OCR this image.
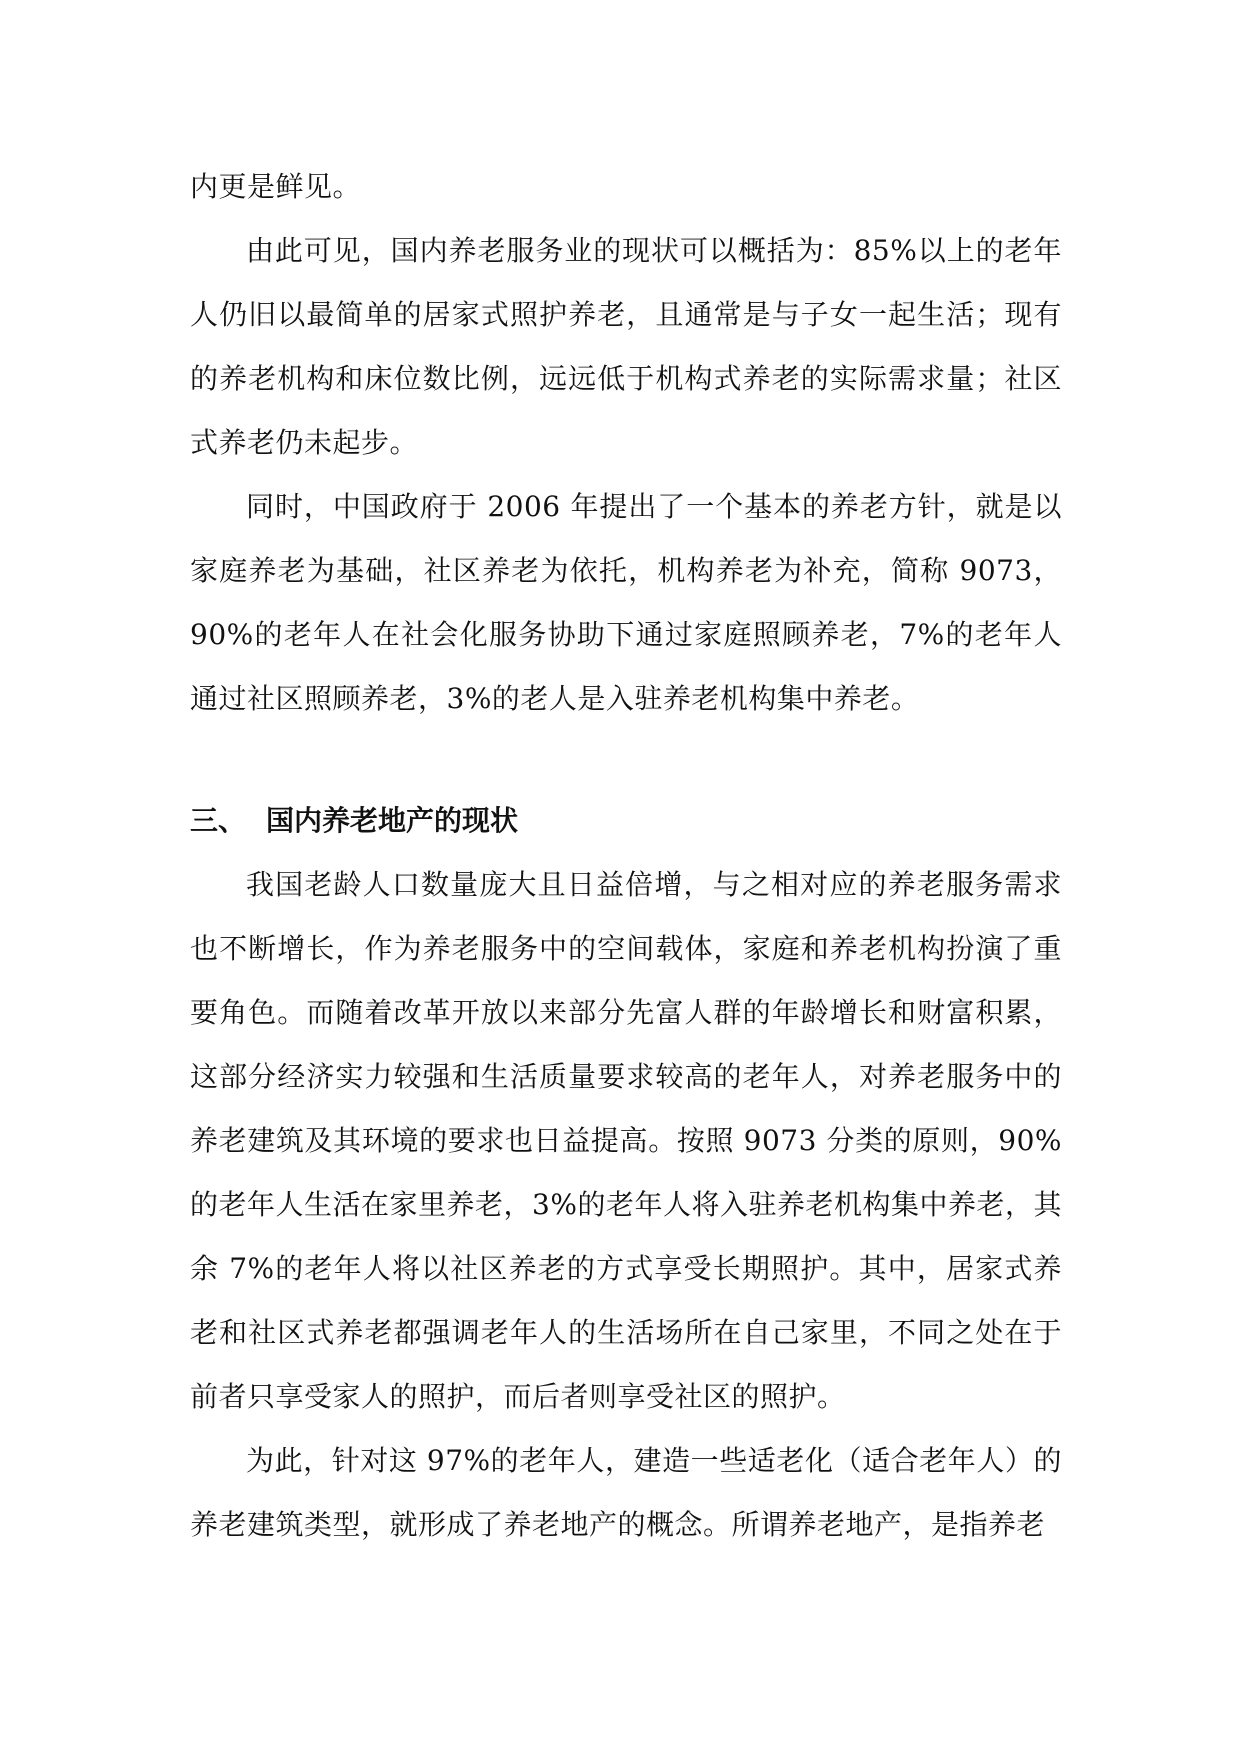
内更是鲜见。

由此可见，国内养老服务业的现状可以概括为：85%以上的老年人仍旧以最简单的居家式照护养老，且通常是与子女一起生活；现有的养老机构和床位数比例，远远低于机构式养老的实际需求量；社区式养老仍未起步。

同时，中国政府于 2006 年提出了一个基本的养老方针，就是以家庭养老为基础，社区养老为依托，机构养老为补充，简称 9073，90%的老年人在社会化服务协助下通过家庭照顾养老，7%的老年人通过社区照顾养老，3%的老人是入驻养老机构集中养老。

三、 国内养老地产的现状

我国老龄人口数量庞大且日益倍增，与之相对应的养老服务需求也不断增长，作为养老服务中的空间载体，家庭和养老机构扮演了重要角色。而随着改革开放以来部分先富人群的年龄增长和财富积累，这部分经济实力较强和生活质量要求较高的老年人，对养老服务中的养老建筑及其环境的要求也日益提高。按照 9073 分类的原则，90%的老年人生活在家里养老，3%的老年人将入驻养老机构集中养老，其余 7%的老年人将以社区养老的方式享受长期照护。其中，居家式养老和社区式养老都强调老年人的生活场所在自己家里，不同之处在于前者只享受家人的照护，而后者则享受社区的照护。

为此，针对这 97%的老年人，建造一些适老化（适合老年人）的养老建筑类型，就形成了养老地产的概念。所谓养老地产，是指养老
